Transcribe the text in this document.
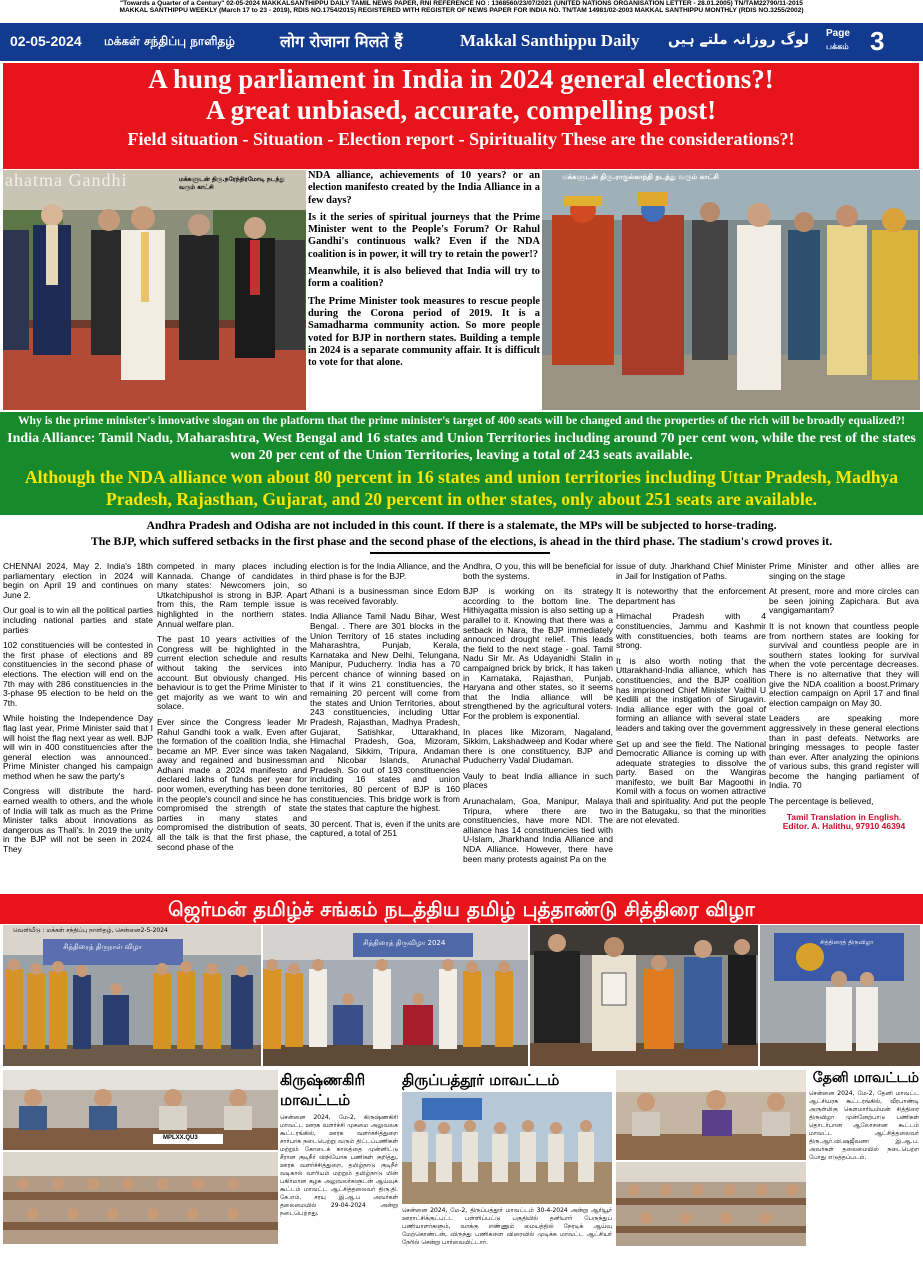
"Towards a Quarter of a Century" 02-05-2024 MAKKALSANTHIPPU DAILY TAMIL NEWS PAPER, RNI REFERENCE NO : 1368560/23/07/2021 (UNITED NATIONS ORGANISATION LETTER - 28.01.2005) TN/TAM22790/11-2015
MAKKAL SANTHIPPU WEEKLY (March 17 to 23 - 2019), RDIS NO.1754/2015) REGISTERED WITH REGISTER OF NEWS PAPER FOR INDIA NO. TN/TAM 14981/02-2003 MAKKAL SANTHIPPU MONTHLY (RDIS NO.3255/2002)
02-05-2024 மக்கள் சந்திப்பு நாளிதழ்	लोग रोजाना मिलते हैं	Makkal Santhippu Daily لوگ روزانہ ملتے ہیں Page
பக்கம் 3
A hung parliament in India in 2024 general elections?!
A great unbiased, accurate, compelling post!
Field situation - Situation - Election report - Spirituality These are the considerations?!
ahatma Gandhi	மக்களுடன் திரு.நரேந்திரமோடி நடந்து வரும் காட்சி

NDA alliance, achievements of 10 years? or an election manifesto created by the India Alliance in a few days?

Is it the series of spiritual journeys that the Prime Minister went to the People's Forum? Or Rahul Gandhi's continuous walk? Even if the NDA coalition is in power, it will try to retain the power!?

Meanwhile, it is also believed that India will try to form a coalition?

The Prime Minister took measures to rescue people during the Corona period of 2019. It is a Samadharma community action. So more people voted for BJP in northern states. Building a temple in 2024 is a separate community affair. It is difficult to vote for that alone.

மக்களுடன் திரு.ராகுல்காந்தி நடந்து வரும் காட்சி
Why is the prime minister's innovative slogan on the platform that the prime minister's target of 400 seats will be changed and the properties of the rich will be broadly equalized?!
India Alliance: Tamil Nadu, Maharashtra, West Bengal and 16 states and Union Territories including around 70 per cent won, while the rest of the states won 20 per cent of the Union Territories, leaving a total of 243 seats available.
Although the NDA alliance won about 80 percent in 16 states and union territories including Uttar Pradesh, Madhya Pradesh, Rajasthan, Gujarat, and 20 percent in other states, only about 251 seats are available.
Andhra Pradesh and Odisha are not included in this count. If there is a stalemate, the MPs will be subjected to horse-trading.
The BJP, which suffered setbacks in the first phase and the second phase of the elections, is ahead in the third phase. The stadium's crowd proves it.

CHENNAI 2024, May 2. India's 18th parliamentary election in 2024 will begin on April 19 and continues on June 2.

Our goal is to win all the political parties including national parties and state parties

102 constituencies will be contested in the first phase of elections and 89 constituencies in the second phase of elections. The election will end on the 7th may with 286 constituencies in the 3-phase 95 election to be held on the 7th.

While hoisting the Independence Day flag last year, Prime Minister said that I will hoist the flag next year as well. BJP will win in 400 constituencies after the general election was announced.. Prime Minister changed his campaign method when he saw the party's

Congress will distribute the hard-earned wealth to others, and the whole of India will talk as much as the Prime Minister talks about innovations as dangerous as Thali's. In 2019 the unity in the BJP will not be seen in 2024. They

competed in many places including Kannada. Change of candidates in many states: Newcomers join, so Utkatchipushol is strong in BJP. Apart from this, the Ram temple issue is highlighted in the northern states. Annual welfare plan.

The past 10 years activities of the Congress will be highlighted in the current election schedule and results without taking the services into account. But obviously changed. His behaviour is to get the Prime Minister to get majority as we want to win and solace.

Ever since the Congress leader Mr Rahul Gandhi took a walk. Even after the formation of the coalition India, she became an MP. Ever since was taken away and regained and businessman Adhani made a 2024 manifesto and declared lakhs of funds per year for poor women, everything has been done in the people's council and since he has compromised the strength of state parties in many states and compromised the distribution of seats, all the talk is that the first phase, the second phase of the

election is for the India Alliance, and the third phase is for the BJP.

Athani is a businessman since Edom was received favorably.

India Alliance Tamil Nadu Bihar, West Bengal. . There are 301 blocks in the Union Territory of 16 states including Maharashtra, Punjab, Kerala, Karnataka and New Delhi, Telungana, Manipur, Puducherry. India has a 70 percent chance of winning based on that if it wins 21 constituencies, the remaining 20 percent will come from the states and Union Territories, about 243 constituencies, including Uttar Pradesh, Rajasthan, Madhya Pradesh, Gujarat, Satishkar, Uttarakhand, Himachal Pradesh, Goa, Mizoram, Nagaland, Sikkim, Tripura, Andaman and Nicobar Islands, Arunachal Pradesh. So out of 193 constituencies including 16 states and union territories, 80 percent of BJP is 160 constituencies. This bridge work is from the states that capture the highest.

30 percent. That is, even if the units are captured, a total of 251

Andhra, O you, this will be beneficial for both the systems.

BJP is working on its strategy according to the bottom line. The Hithiyagatta mission is also setting up a parallel to it. Knowing that there was a setback in Nara, the BJP immediately announced drought relief. This leads the field to the next stage - goal. Tamil Nadu Sir Mr. As Udayanidhi Stalin in campaigned brick by brick, it has taken in Karnataka, Rajasthan, Punjab, Haryana and other states, so it seems that the India alliance will be strengthened by the agricultural voters. For the problem is exponential.

In places like Mizoram, Nagaland, Sikkim, Lakshadweep and Kodar where there is one constituency, BJP and Puducherry Vadal Diudaman.

Vauly to beat India alliance in such places

Arunachalam, Goa, Manipur, Malaya Tripura, where there are two constituencies, have more NDI. The alliance has 14 constituencies tied with U-Islam, Jharkhand India Alliance and NDA Alliance. However, there have been many protests against Pa on the

issue of duty. Jharkhand Chief Minister in Jail for Instigation of Paths.

It is noteworthy that the enforcement department has

Himachal Pradesh with 4 constituencies, Jammu and Kashmir with constituencies, both teams are strong.

It is also worth noting that the Uttarakhand-India alliance, which has constituencies, and the BJP coalition has imprisoned Chief Minister Vaithil U Kedilli at the instigation of Sirugavin. India alliance eger with the goal of forming an alliance with several state leaders and taking over the government

Set up and see the field. The National Democratic Alliance is coming up with adequate strategies to dissolve the party. Based on the Wangiras manifesto, we built Bar Magoothi in Komil with a focus on women attractive thali and spirituality. And put the people in the Batugaku, so that the minorities are not elevated.

Prime Minister and other allies are singing on the stage

At present, more and more circles can be seen joining Zapichara. But ava vangigamantam?

It is not known that countless people from northern states are looking for survival and countless people are in southern states looking for survival when the vote percentage decreases. There is no alternative that they will give the NDA coalition a boost.Primary election campaign on April 17 and final election campaign on May 30.

Leaders are speaking more aggressively in these general elections than in past defeats. Networks are bringing messages to people faster than ever. After analyzing the opinions of various subs, this grand register will become the hanging parliament of India. 70

The percentage is believed,

Tamil Translation in English.
Editor. A. Halithu, 97910 46394

ஜெர்மன் தமிழ்ச் சங்கம் நடத்திய தமிழ் புத்தாண்டு சித்திரை விழா
வெளியீடு : மக்கள் சந்திப்பு நாளிதழ், சென்னை2-5-2024
சித்திரைத் திருநாள் விழா	சித்திரைத் திருவிழா 2024	சித்திரைத் திருவிழா
MPLXX.QU3
கிருஷ்ணகிரி மாவட்டம்
சென்னை 2024, மே-2, கிருஷ்ணகிரி மாவட்ட ஊரக வளர்ச்சி முகமை அலுவலக கூட்டரங்கில், ஊரக வளர்ச்சித்துறை சார்பாக நடைபெற்று வரும் திட்டப்பணிகள் மற்றும் கோடைக் காலத்தை முன்னிட்டு சீரான குடிநீர் விநியோக பணிகள் குறித்து, ஊரக வளர்ச்சித்துறை, தமிழ்நாடு குடிநீர் வடிகால் வாரியம் மற்றும் தமிழ்நாடு மின் பகிர்மான கழக அலுவலர்களுடன் ஆய்வுக் கூட்டம் மாவட்ட ஆட்சித்தலைவர் திரு.தி. கே.எம். சரயு இ.ஆ.ப அவர்கள் தலைமையில் 29-04-2024 அன்று நடைபெற்றது.
திருப்பத்தூர் மாவட்டம்
சென்னை 2024, மே-2, திருப்பத்தூர் மாவட்டம் 30-4-2024 அன்று ஆரியூர் ஊராட்சிக்குட்பட்ட பள்ளிப்பட்டு பகுதியில் தனியார் பேருந்துப் பணியாளர்களும், வாக்கு எண்ணும் மையத்தில் நேரடிக் ஆய்வு மேற்கொண்டன், விருந்து பணிகளை விரைவில் முடிக்க மாவட்ட ஆட்சியர் நேரில் சென்று பார்வையிட்டார்.
தேனி மாவட்டம்
சென்னை 2024, மே-2, தேனி மாவட்ட ஆட்சியரக கூட்டரங்கில், வீரபாண்டி அருள்மிகு கௌமாரியம்மன் சித்திரை திருவிழா முன்னேற்பாடு பணிகள் தொடர்பான ஆலோசனை கூட்டம் மாவட்ட ஆட்சித்தலைவர் திரு.ஆர்.வி.ஷஜீவனா இ.ஆ.ப. அவர்கள் தலைமையில் நடைபெற்ற போது எடுத்தப்படம்.
